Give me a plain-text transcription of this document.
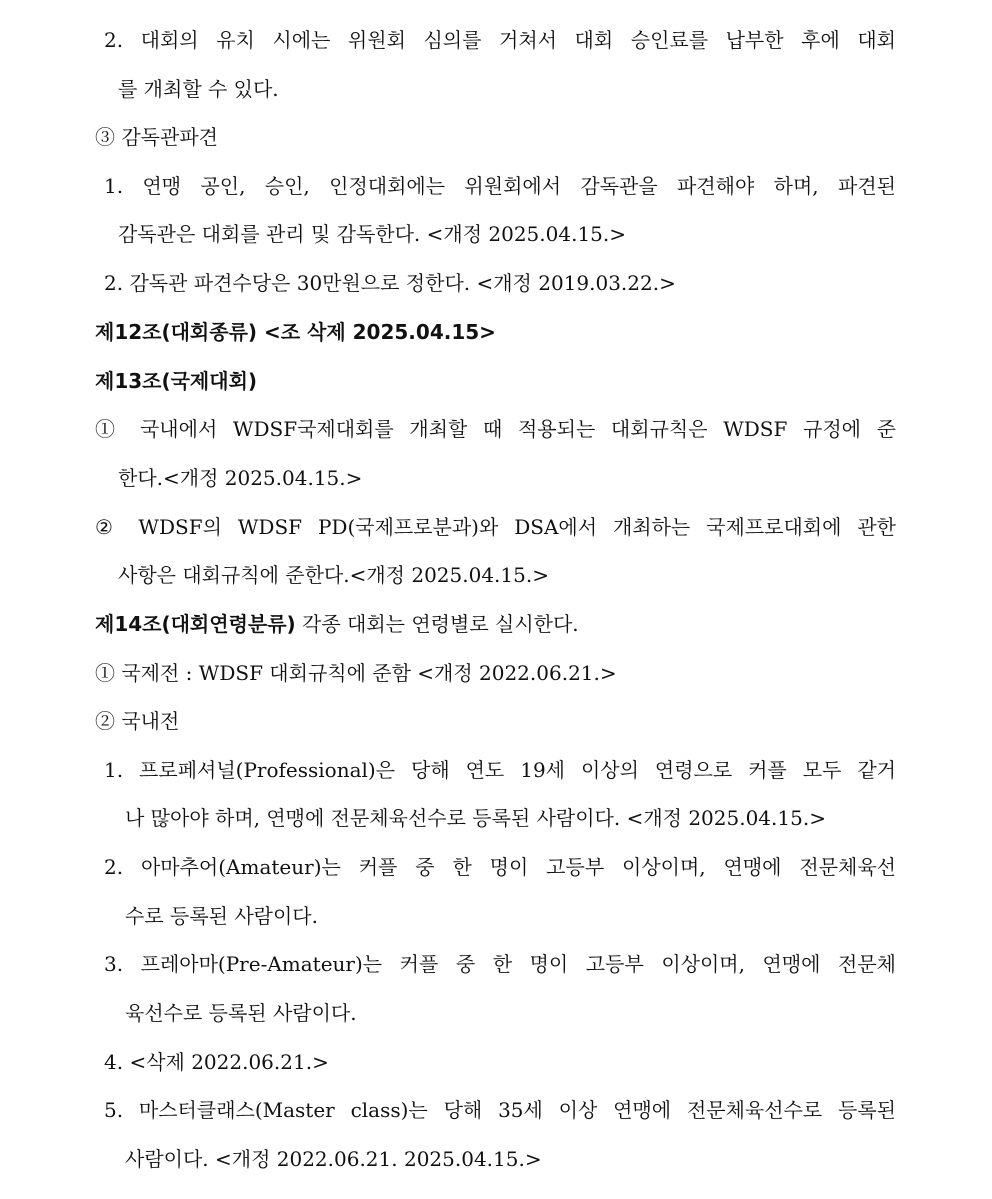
2. 대회의 유치 시에는 위원회 심의를 거쳐서 대회 승인료를 납부한 후에 대회
를 개최할 수 있다.
③ 감독관파견
1. 연맹 공인, 승인, 인정대회에는 위원회에서 감독관을 파견해야 하며, 파견된
감독관은 대회를 관리 및 감독한다. <개정 2025.04.15.>
2. 감독관 파견수당은 30만원으로 정한다. <개정 2019.03.22.>
제12조(대회종류) <조 삭제 2025.04.15>
제13조(국제대회)
① 국내에서 WDSF국제대회를 개최할 때 적용되는 대회규칙은 WDSF 규정에 준
한다.<개정 2025.04.15.>
② WDSF의 WDSF PD(국제프로분과)와 DSA에서 개최하는 국제프로대회에 관한
사항은 대회규칙에 준한다.<개정 2025.04.15.>
제14조(대회연령분류) 각종 대회는 연령별로 실시한다.
① 국제전 : WDSF 대회규칙에 준함 <개정 2022.06.21.>
② 국내전
1. 프로페셔널(Professional)은 당해 연도 19세 이상의 연령으로 커플 모두 같거
나 많아야 하며, 연맹에 전문체육선수로 등록된 사람이다. <개정 2025.04.15.>
2. 아마추어(Amateur)는 커플 중 한 명이 고등부 이상이며, 연맹에 전문체육선
수로 등록된 사람이다.
3. 프레아마(Pre-Amateur)는 커플 중 한 명이 고등부 이상이며, 연맹에 전문체
육선수로 등록된 사람이다.
4. <삭제 2022.06.21.>
5. 마스터클래스(Master class)는 당해 35세 이상 연맹에 전문체육선수로 등록된
사람이다. <개정 2022.06.21. 2025.04.15.>
